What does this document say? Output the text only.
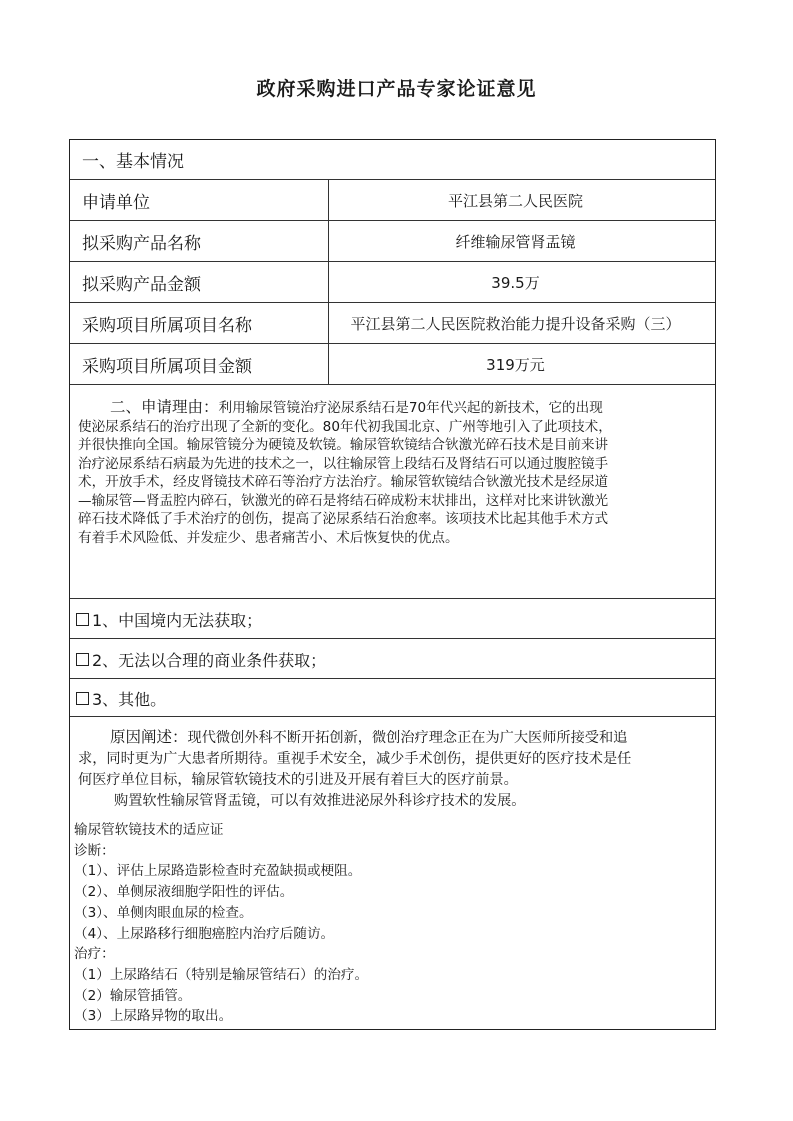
政府采购进口产品专家论证意见
一、基本情况
申请单位	平江县第二人民医院
拟采购产品名称	纤维输尿管肾盂镜
拟采购产品金额	39.5万
采购项目所属项目名称	平江县第二人民医院救治能力提升设备采购（三）
采购项目所属项目金额	319万元
二、申请理由：利用输尿管镜治疗泌尿系结石是70年代兴起的新技术，它的出现
使泌尿系结石的治疗出现了全新的变化。80年代初我国北京、广州等地引入了此项技术，
并很快推向全国。输尿管镜分为硬镜及软镜。输尿管软镜结合钬激光碎石技术是目前来讲
治疗泌尿系结石病最为先进的技术之一，以往输尿管上段结石及肾结石可以通过腹腔镜手
术，开放手术，经皮肾镜技术碎石等治疗方法治疗。输尿管软镜结合钬激光技术是经尿道
—输尿管—肾盂腔内碎石，钬激光的碎石是将结石碎成粉末状排出，这样对比来讲钬激光
碎石技术降低了手术治疗的创伤，提高了泌尿系结石治愈率。该项技术比起其他手术方式
有着手术风险低、并发症少、患者痛苦小、术后恢复快的优点。
1、中国境内无法获取；
2、无法以合理的商业条件获取；
3、其他。
原因阐述：现代微创外科不断开拓创新，微创治疗理念正在为广大医师所接受和追
求，同时更为广大患者所期待。重视手术安全，减少手术创伤，提供更好的医疗技术是任
何医疗单位目标，输尿管软镜技术的引进及开展有着巨大的医疗前景。
购置软性输尿管肾盂镜，可以有效推进泌尿外科诊疗技术的发展。
输尿管软镜技术的适应证
诊断：
（1）、评估上尿路造影检查时充盈缺损或梗阻。
（2）、单侧尿液细胞学阳性的评估。
（3）、单侧肉眼血尿的检查。
（4）、上尿路移行细胞癌腔内治疗后随访。
治疗：
（1）上尿路结石（特别是输尿管结石）的治疗。
（2）输尿管插管。
（3）上尿路异物的取出。
